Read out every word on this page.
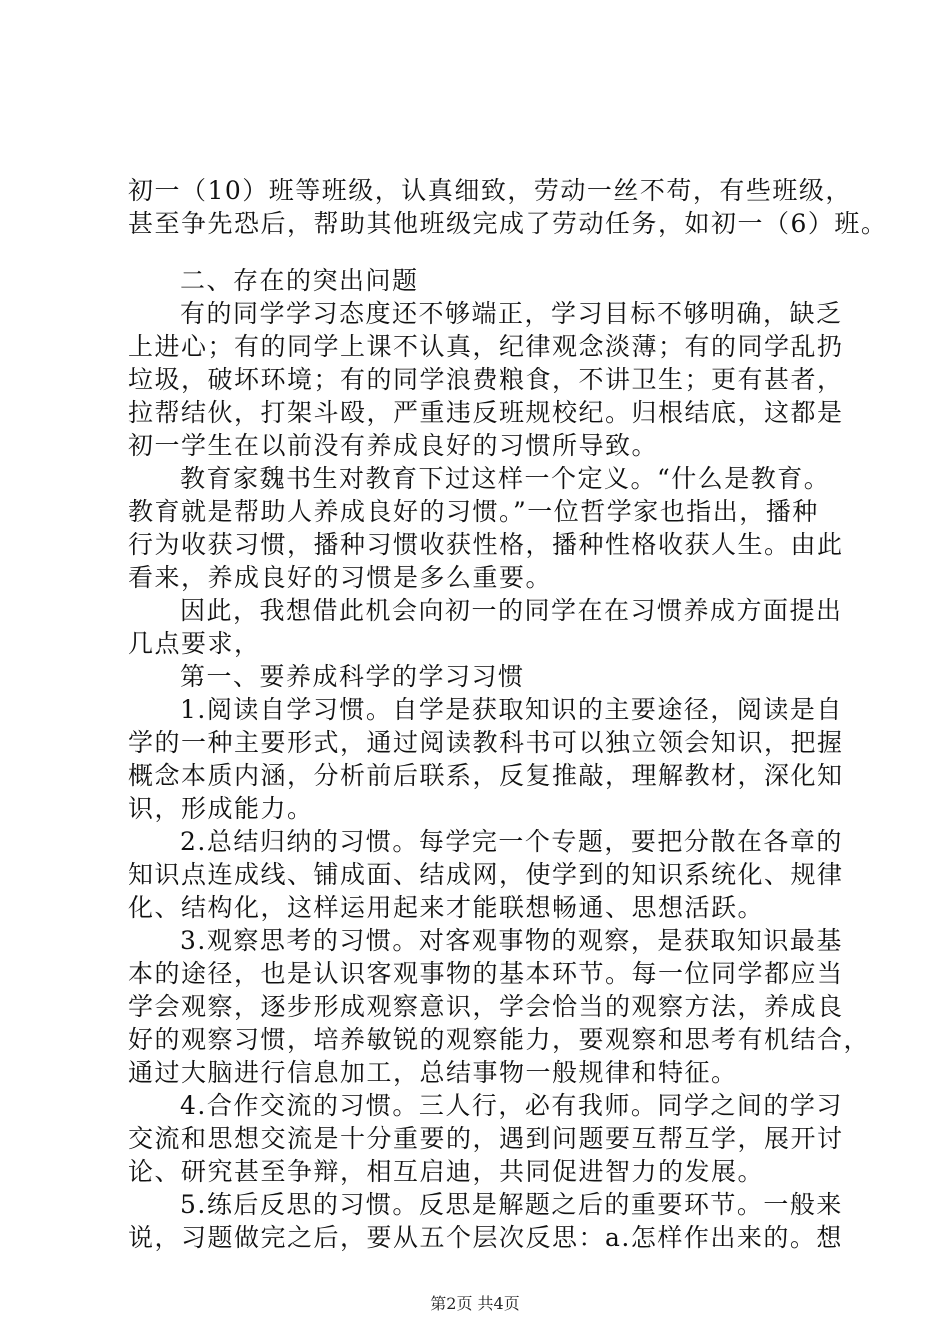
初一（10）班等班级，认真细致，劳动一丝不苟，有些班级，
甚至争先恐后，帮助其他班级完成了劳动任务，如初一（6）班。
二、存在的突出问题
有的同学学习态度还不够端正，学习目标不够明确，缺乏
上进心；有的同学上课不认真，纪律观念淡薄；有的同学乱扔
垃圾，破坏环境；有的同学浪费粮食，不讲卫生；更有甚者，
拉帮结伙，打架斗殴，严重违反班规校纪。归根结底，这都是
初一学生在以前没有养成良好的习惯所导致。
教育家魏书生对教育下过这样一个定义。“什么是教育。
教育就是帮助人养成良好的习惯。”一位哲学家也指出，播种
行为收获习惯，播种习惯收获性格，播种性格收获人生。由此
看来，养成良好的习惯是多么重要。
因此，我想借此机会向初一的同学在在习惯养成方面提出
几点要求，
第一、要养成科学的学习习惯
1.阅读自学习惯。自学是获取知识的主要途径，阅读是自
学的一种主要形式，通过阅读教科书可以独立领会知识，把握
概念本质内涵，分析前后联系，反复推敲，理解教材，深化知
识，形成能力。
2.总结归纳的习惯。每学完一个专题，要把分散在各章的
知识点连成线、铺成面、结成网，使学到的知识系统化、规律
化、结构化，这样运用起来才能联想畅通、思想活跃。
3.观察思考的习惯。对客观事物的观察，是获取知识最基
本的途径，也是认识客观事物的基本环节。每一位同学都应当
学会观察，逐步形成观察意识，学会恰当的观察方法，养成良
好的观察习惯，培养敏锐的观察能力，要观察和思考有机结合，
通过大脑进行信息加工，总结事物一般规律和特征。
4.合作交流的习惯。三人行，必有我师。同学之间的学习
交流和思想交流是十分重要的，遇到问题要互帮互学，展开讨
论、研究甚至争辩，相互启迪，共同促进智力的发展。
5.练后反思的习惯。反思是解题之后的重要环节。一般来
说，习题做完之后，要从五个层次反思：a.怎样作出来的。想
第2页 共4页
